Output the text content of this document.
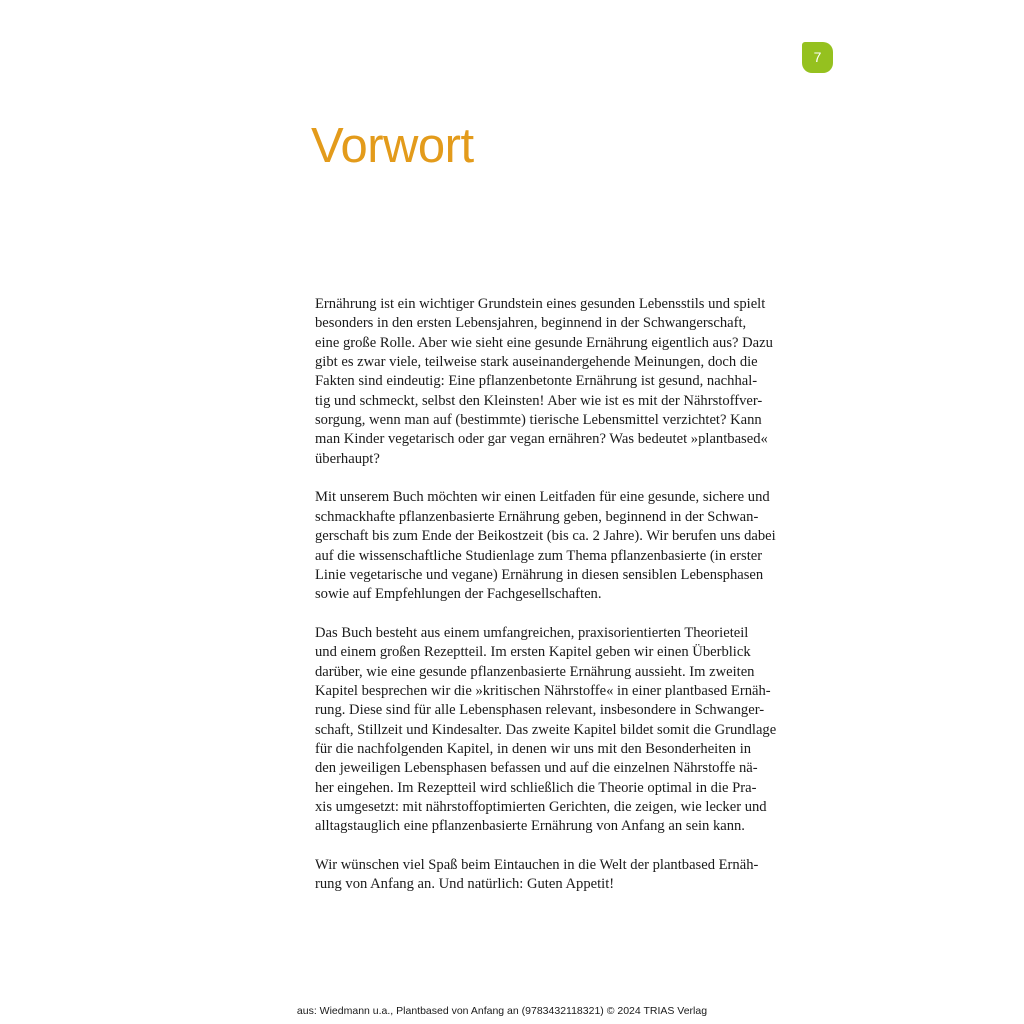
7
Vorwort

Ernährung ist ein wichtiger Grundstein eines gesunden Lebensstils und spielt
besonders in den ersten Lebensjahren, beginnend in der Schwangerschaft,
eine große Rolle. Aber wie sieht eine gesunde Ernährung eigentlich aus? Dazu
gibt es zwar viele, teilweise stark auseinandergehende Meinungen, doch die
Fakten sind eindeutig: Eine pflanzenbetonte Ernährung ist gesund, nachhal-
tig und schmeckt, selbst den Kleinsten! Aber wie ist es mit der Nährstoffver-
sorgung, wenn man auf (bestimmte) tierische Lebensmittel verzichtet? Kann
man Kinder vegetarisch oder gar vegan ernähren? Was bedeutet »plantbased«
überhaupt?

Mit unserem Buch möchten wir einen Leitfaden für eine gesunde, sichere und
schmackhafte pflanzenbasierte Ernährung geben, beginnend in der Schwan-
gerschaft bis zum Ende der Beikostzeit (bis ca. 2 Jahre). Wir berufen uns dabei
auf die wissenschaftliche Studienlage zum Thema pflanzenbasierte (in erster
Linie vegetarische und vegane) Ernährung in diesen sensiblen Lebensphasen
sowie auf Empfehlungen der Fachgesellschaften.

Das Buch besteht aus einem umfangreichen, praxisorientierten Theorieteil
und einem großen Rezeptteil. Im ersten Kapitel geben wir einen Überblick
darüber, wie eine gesunde pflanzenbasierte Ernährung aussieht. Im zweiten
Kapitel besprechen wir die »kritischen Nährstoffe« in einer plantbased Ernäh-
rung. Diese sind für alle Lebensphasen relevant, insbesondere in Schwanger-
schaft, Stillzeit und Kindesalter. Das zweite Kapitel bildet somit die Grundlage
für die nachfolgenden Kapitel, in denen wir uns mit den Besonderheiten in
den jeweiligen Lebensphasen befassen und auf die einzelnen Nährstoffe nä-
her eingehen. Im Rezeptteil wird schließlich die Theorie optimal in die Pra-
xis umgesetzt: mit nährstoffoptimierten Gerichten, die zeigen, wie lecker und
alltagstauglich eine pflanzenbasierte Ernährung von Anfang an sein kann.

Wir wünschen viel Spaß beim Eintauchen in die Welt der plantbased Ernäh-
rung von Anfang an. Und natürlich: Guten Appetit!

aus: Wiedmann u.a., Plantbased von Anfang an (9783432118321) © 2024 TRIAS Verlag
